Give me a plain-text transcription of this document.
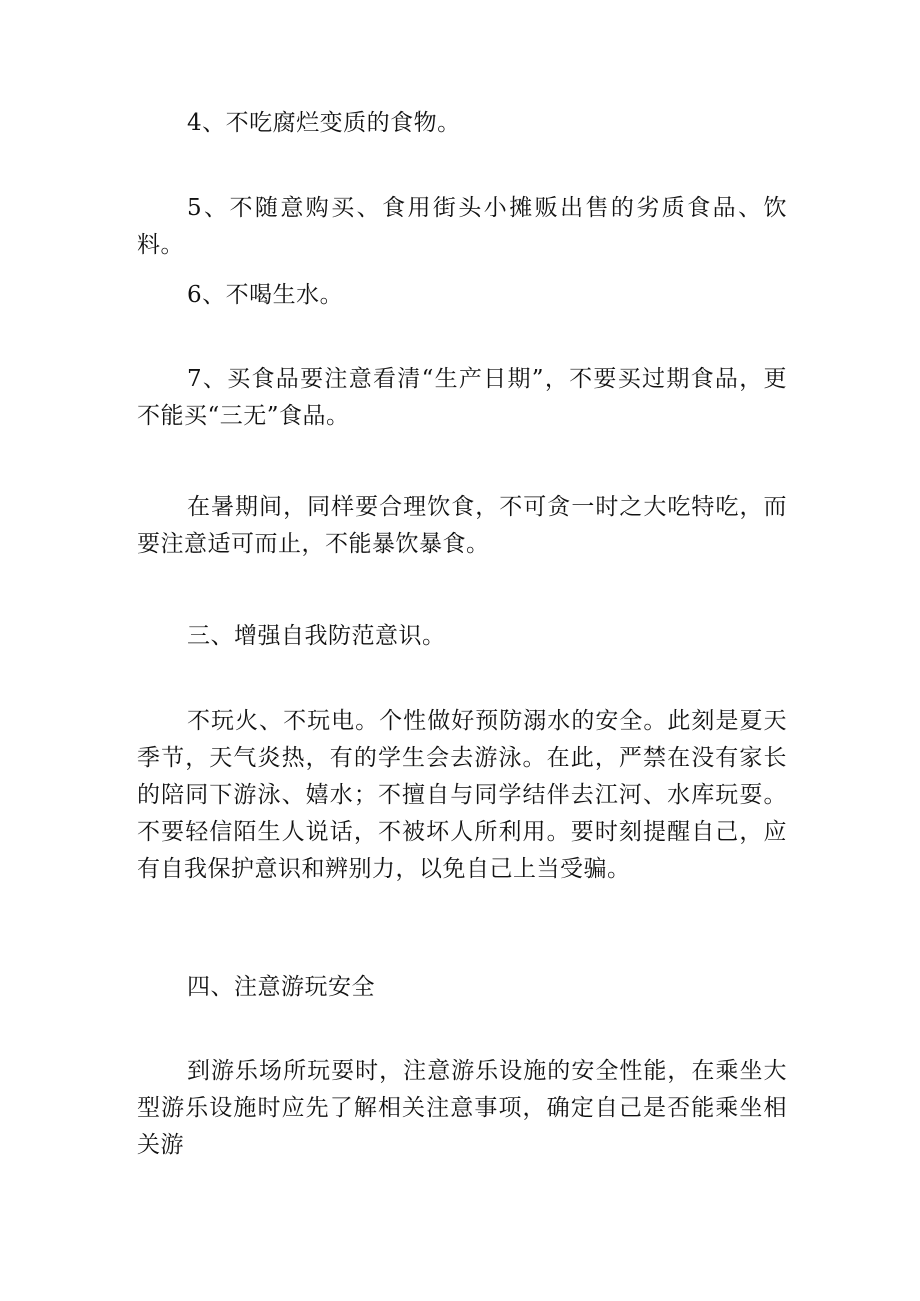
4、不吃腐烂变质的食物。

5、不随意购买、食用街头小摊贩出售的劣质食品、饮料。

6、不喝生水。

7、买食品要注意看清“生产日期”，不要买过期食品，更不能买“三无”食品。

在暑期间，同样要合理饮食，不可贪一时之大吃特吃，而要注意适可而止，不能暴饮暴食。

三、增强自我防范意识。

不玩火、不玩电。个性做好预防溺水的安全。此刻是夏天季节，天气炎热，有的学生会去游泳。在此，严禁在没有家长的陪同下游泳、嬉水；不擅自与同学结伴去江河、水库玩耍。不要轻信陌生人说话，不被坏人所利用。要时刻提醒自己，应有自我保护意识和辨别力，以免自己上当受骗。

四、注意游玩安全

到游乐场所玩耍时，注意游乐设施的安全性能，在乘坐大型游乐设施时应先了解相关注意事项，确定自己是否能乘坐相关游
